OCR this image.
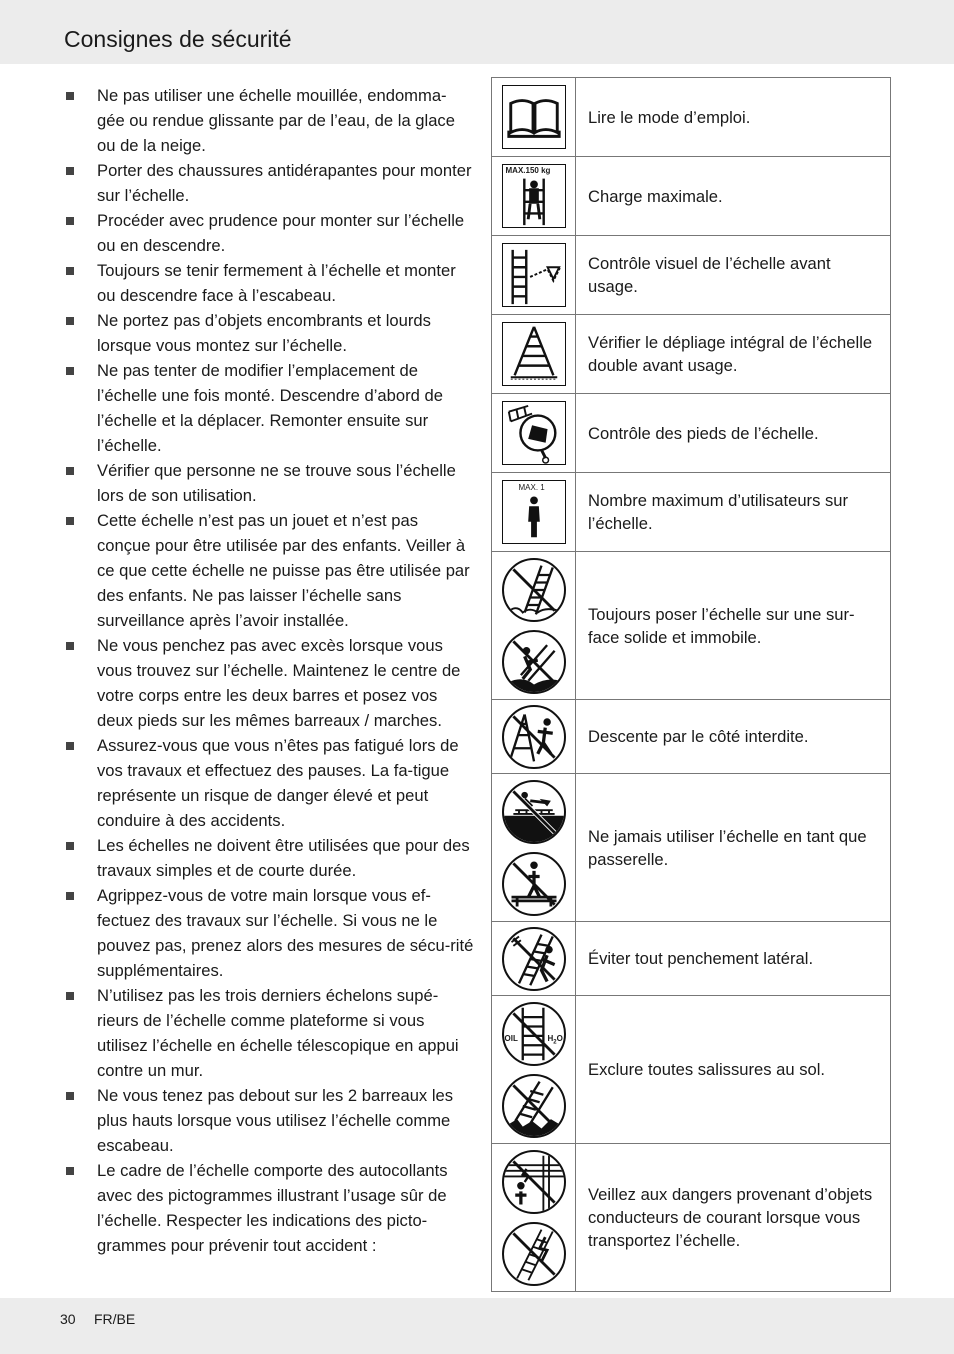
Consignes de sécurité
Ne pas utiliser une échelle mouillée, endomma-gée ou rendue glissante par de l’eau, de la glace ou de la neige.
Porter des chaussures antidérapantes pour monter sur l’échelle.
Procéder avec prudence pour monter sur l’échelle ou en descendre.
Toujours se tenir fermement à l’échelle et monter ou descendre face à l’escabeau.
Ne portez pas d’objets encombrants et lourds lorsque vous montez sur l’échelle.
Ne pas tenter de modifier l’emplacement de l’échelle une fois monté. Descendre d’abord de l’échelle et la déplacer. Remonter ensuite sur l’échelle.
Vérifier que personne ne se trouve sous l’échelle lors de son utilisation.
Cette échelle n’est pas un jouet et n’est pas conçue pour être utilisée par des enfants. Veiller à ce que cette échelle ne puisse pas être utilisée par des enfants. Ne pas laisser l’échelle sans surveillance après l’avoir installée.
Ne vous penchez pas avec excès lorsque vous vous trouvez sur l’échelle. Maintenez le centre de votre corps entre les deux barres et posez vos deux pieds sur les mêmes barreaux / marches.
Assurez-vous que vous n’êtes pas fatigué lors de vos travaux et effectuez des pauses. La fa-tigue représente un risque de danger élevé et peut conduire à des accidents.
Les échelles ne doivent être utilisées que pour des travaux simples et de courte durée.
Agrippez-vous de votre main lorsque vous ef-fectuez des travaux sur l’échelle. Si vous ne le pouvez pas, prenez alors des mesures de sécu-rité supplémentaires.
N’utilisez pas les trois derniers échelons supé-rieurs de l’échelle comme plateforme si vous utilisez l’échelle en échelle télescopique en appui contre un mur.
Ne vous tenez pas debout sur les 2 barreaux les plus hauts lorsque vous utilisez l’échelle comme escabeau.
Le cadre de l’échelle comporte des autocollants avec des pictogrammes illustrant l’usage sûr de l’échelle. Respecter les indications des picto-grammes pour prévenir tout accident :
Lire le mode d’emploi.
MAX.150 kg
Charge maximale.
Contrôle visuel de l’échelle avant usage.
Vérifier le dépliage intégral de l’échelle double avant usage.
Contrôle des pieds de l’échelle.
MAX. 1
Nombre maximum d’utilisateurs sur l’échelle.
Toujours poser l’échelle sur une sur-face solide et immobile.
Descente par le côté interdite.
Ne jamais utiliser l’échelle en tant que passerelle.
Éviter tout penchement latéral.
OIL	$H_2O$
Exclure toutes salissures au sol.
Veillez aux dangers provenant d’objets conducteurs de courant lorsque vous transportez l’échelle.
30 FR/BE
